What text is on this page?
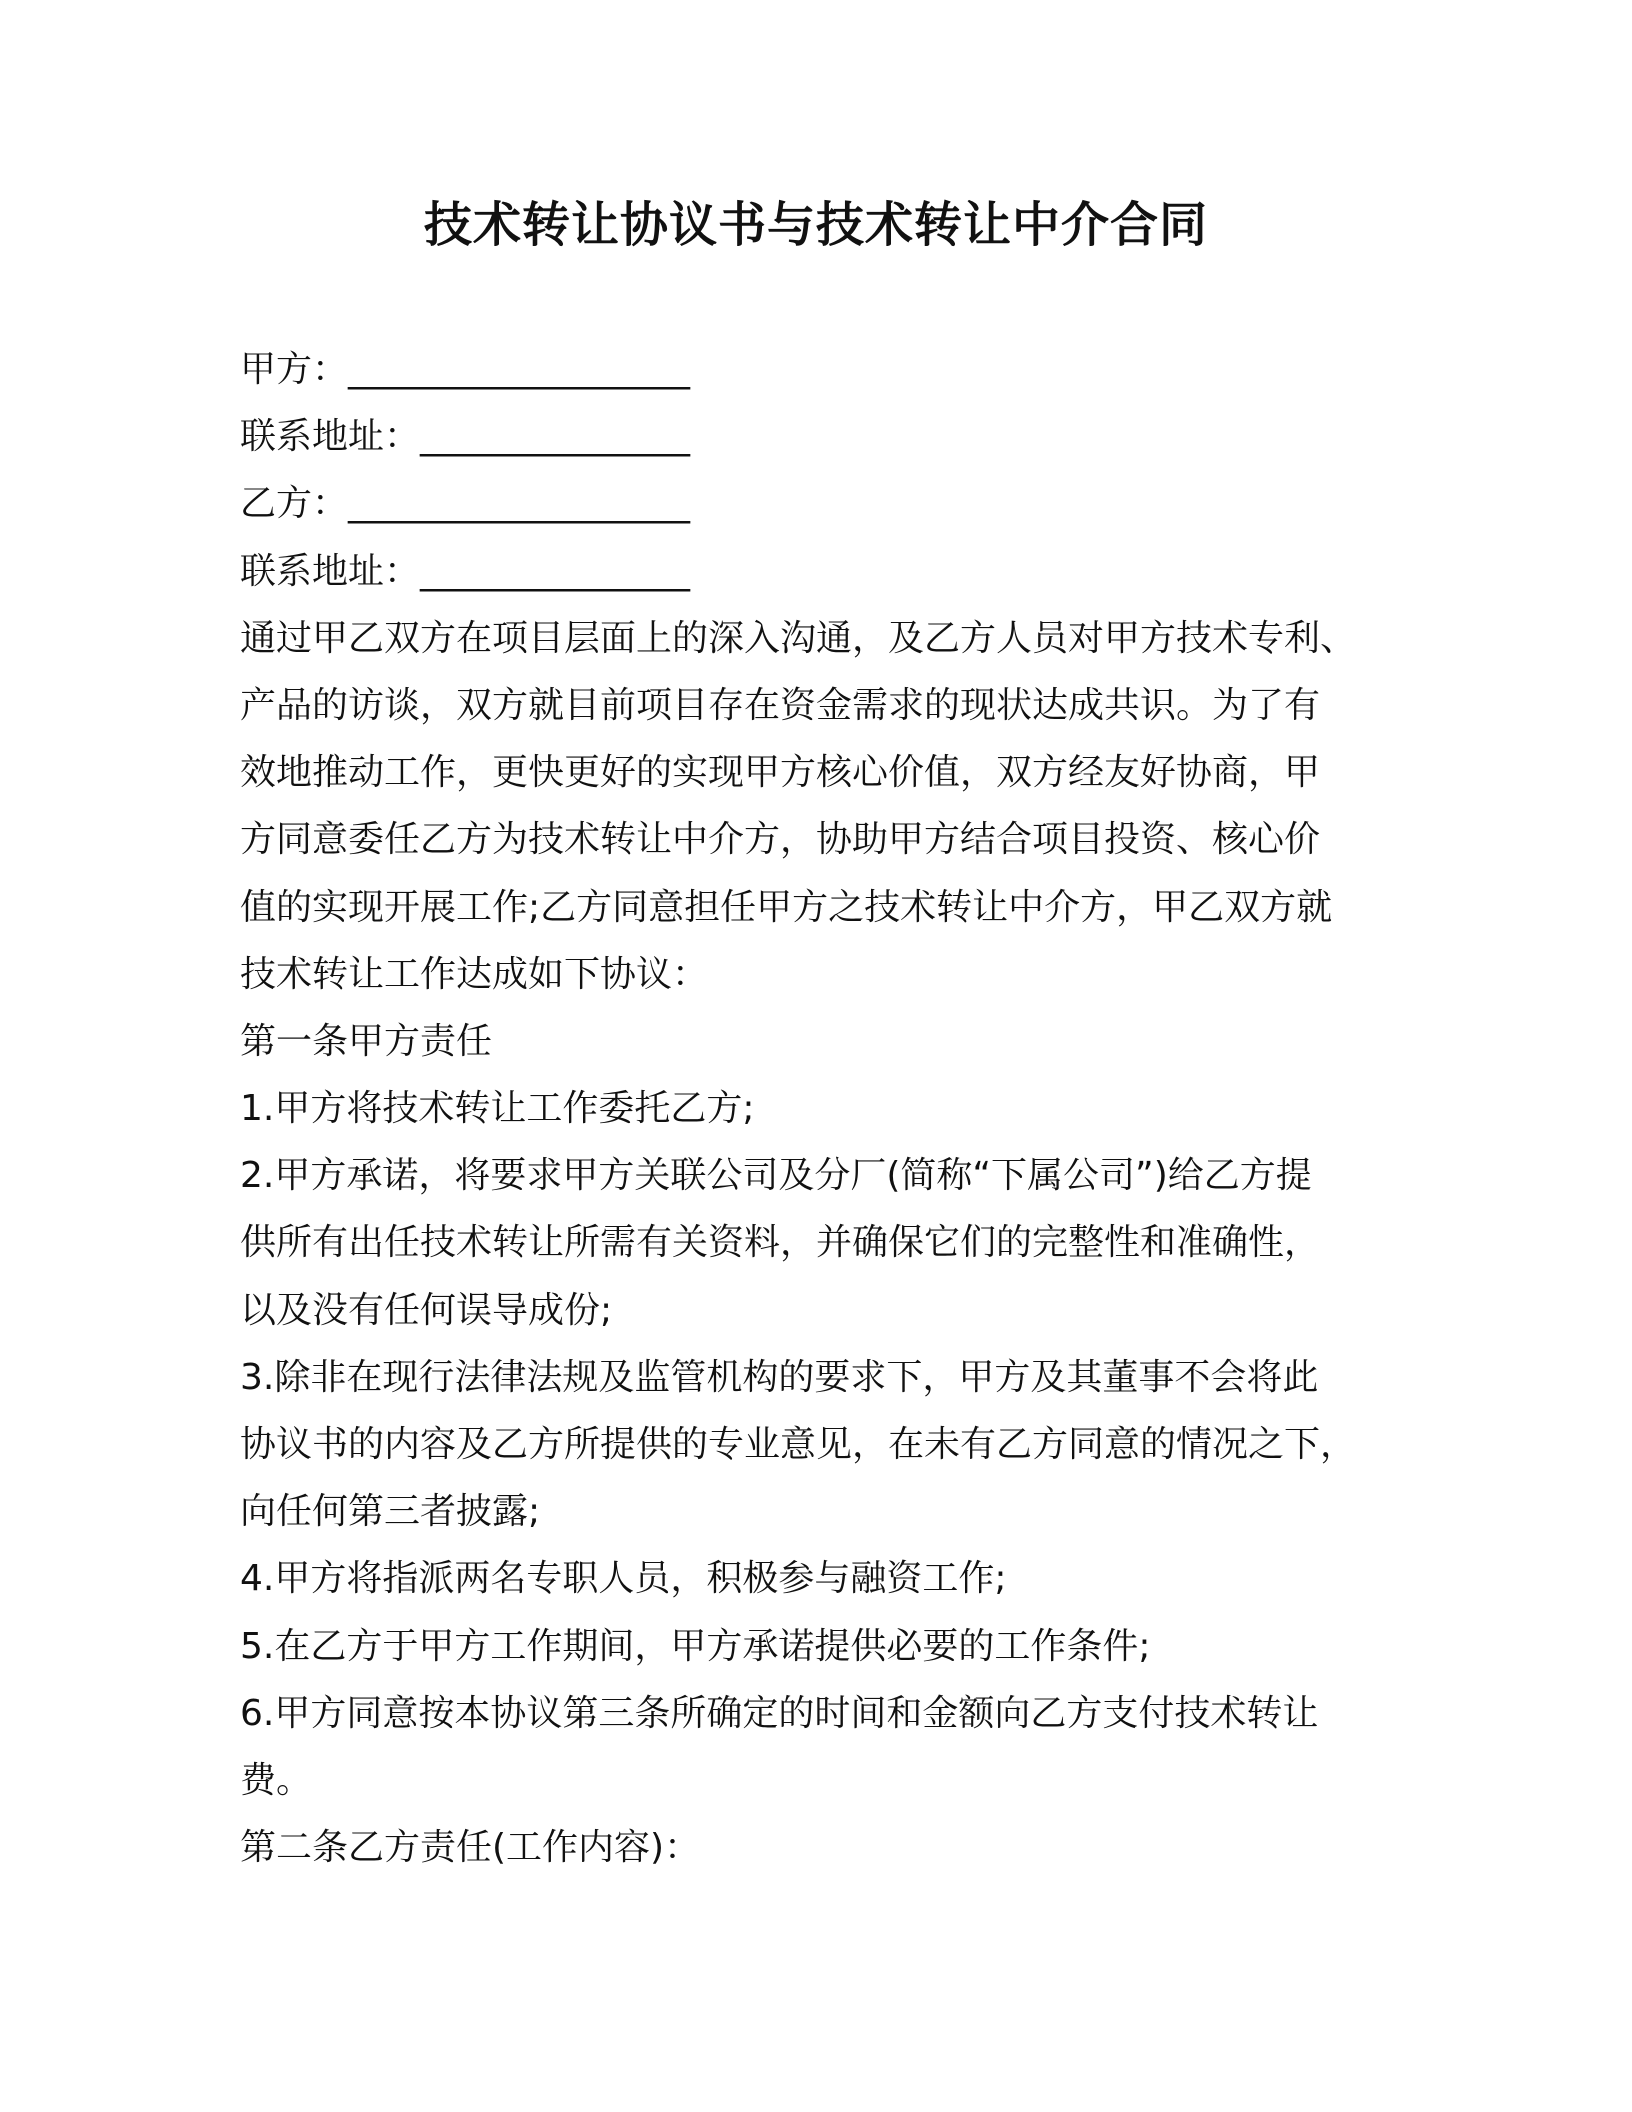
技术转让协议书与技术转让中介合同
甲方：___________________
联系地址：_______________
乙方：___________________
联系地址：_______________
通过甲乙双方在项目层面上的深入沟通，及乙方人员对甲方技术专利、
产品的访谈，双方就目前项目存在资金需求的现状达成共识。为了有
效地推动工作，更快更好的实现甲方核心价值，双方经友好协商，甲
方同意委任乙方为技术转让中介方，协助甲方结合项目投资、核心价
值的实现开展工作;乙方同意担任甲方之技术转让中介方，甲乙双方就
技术转让工作达成如下协议：
第一条甲方责任
1.甲方将技术转让工作委托乙方;
2.甲方承诺，将要求甲方关联公司及分厂(简称“下属公司”)给乙方提
供所有出任技术转让所需有关资料，并确保它们的完整性和准确性，
以及没有任何误导成份;
3.除非在现行法律法规及监管机构的要求下，甲方及其董事不会将此
协议书的内容及乙方所提供的专业意见，在未有乙方同意的情况之下，
向任何第三者披露;
4.甲方将指派两名专职人员，积极参与融资工作;
5.在乙方于甲方工作期间，甲方承诺提供必要的工作条件;
6.甲方同意按本协议第三条所确定的时间和金额向乙方支付技术转让
费。
第二条乙方责任(工作内容)：
